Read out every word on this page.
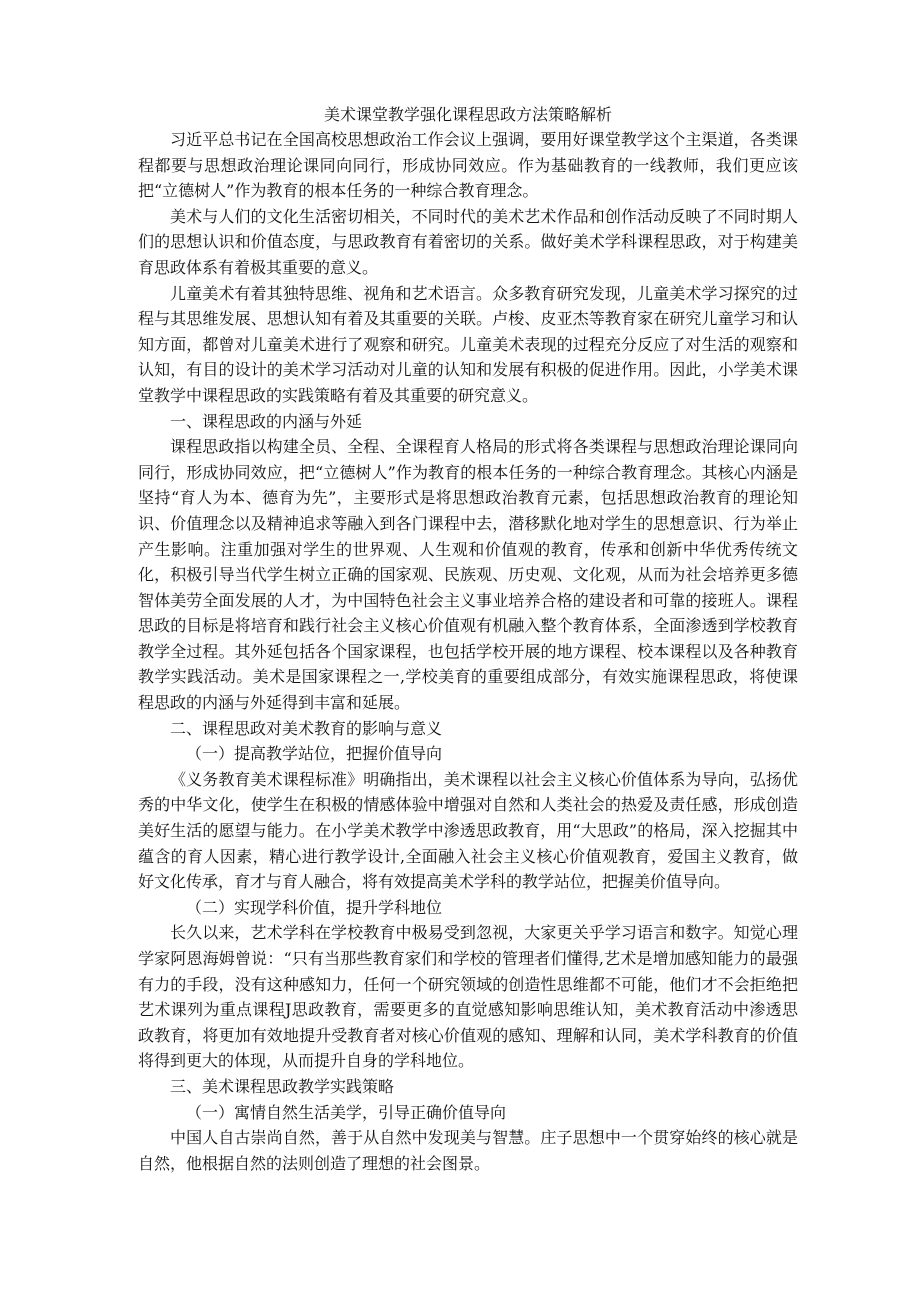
美术课堂教学强化课程思政方法策略解析

习近平总书记在全国高校思想政治工作会议上强调，要用好课堂教学这个主渠道，各类课程都要与思想政治理论课同向同行，形成协同效应。作为基础教育的一线教师，我们更应该把“立德树人”作为教育的根本任务的一种综合教育理念。

美术与人们的文化生活密切相关，不同时代的美术艺术作品和创作活动反映了不同时期人们的思想认识和价值态度，与思政教育有着密切的关系。做好美术学科课程思政，对于构建美育思政体系有着极其重要的意义。

儿童美术有着其独特思维、视角和艺术语言。众多教育研究发现，儿童美术学习探究的过程与其思维发展、思想认知有着及其重要的关联。卢梭、皮亚杰等教育家在研究儿童学习和认知方面，都曾对儿童美术进行了观察和研究。儿童美术表现的过程充分反应了对生活的观察和认知，有目的设计的美术学习活动对儿童的认知和发展有积极的促进作用。因此，小学美术课堂教学中课程思政的实践策略有着及其重要的研究意义。

一、课程思政的内涵与外延

课程思政指以构建全员、全程、全课程育人格局的形式将各类课程与思想政治理论课同向同行，形成协同效应，把“立德树人”作为教育的根本任务的一种综合教育理念。其核心内涵是坚持“育人为本、德育为先”，主要形式是将思想政治教育元素，包括思想政治教育的理论知识、价值理念以及精神追求等融入到各门课程中去，潜移默化地对学生的思想意识、行为举止产生影响。注重加强对学生的世界观、人生观和价值观的教育，传承和创新中华优秀传统文化，积极引导当代学生树立正确的国家观、民族观、历史观、文化观，从而为社会培养更多德智体美劳全面发展的人才，为中国特色社会主义事业培养合格的建设者和可靠的接班人。课程思政的目标是将培育和践行社会主义核心价值观有机融入整个教育体系，全面渗透到学校教育教学全过程。其外延包括各个国家课程，也包括学校开展的地方课程、校本课程以及各种教育教学实践活动。美术是国家课程之一,学校美育的重要组成部分，有效实施课程思政，将使课程思政的内涵与外延得到丰富和延展。

二、课程思政对美术教育的影响与意义

（一）提高教学站位，把握价值导向

《义务教育美术课程标准》明确指出，美术课程以社会主义核心价值体系为导向，弘扬优秀的中华文化，使学生在积极的情感体验中增强对自然和人类社会的热爱及责任感，形成创造美好生活的愿望与能力。在小学美术教学中渗透思政教育，用“大思政”的格局，深入挖掘其中蕴含的育人因素，精心进行教学设计,全面融入社会主义核心价值观教育，爱国主义教育，做好文化传承，育才与育人融合，将有效提高美术学科的教学站位，把握美价值导向。

（二）实现学科价值，提升学科地位

长久以来，艺术学科在学校教育中极易受到忽视，大家更关乎学习语言和数字。知觉心理学家阿恩海姆曾说：“只有当那些教育家们和学校的管理者们懂得,艺术是增加感知能力的最强有力的手段，没有这种感知力，任何一个研究领域的创造性思维都不可能，他们才不会拒绝把艺术课列为重点课程J思政教育，需要更多的直觉感知影响思维认知，美术教育活动中渗透思政教育，将更加有效地提升受教育者对核心价值观的感知、理解和认同，美术学科教育的价值将得到更大的体现，从而提升自身的学科地位。

三、美术课程思政教学实践策略

（一）寓情自然生活美学，引导正确价值导向

中国人自古崇尚自然，善于从自然中发现美与智慧。庄子思想中一个贯穿始终的核心就是自然，他根据自然的法则创造了理想的社会图景。
